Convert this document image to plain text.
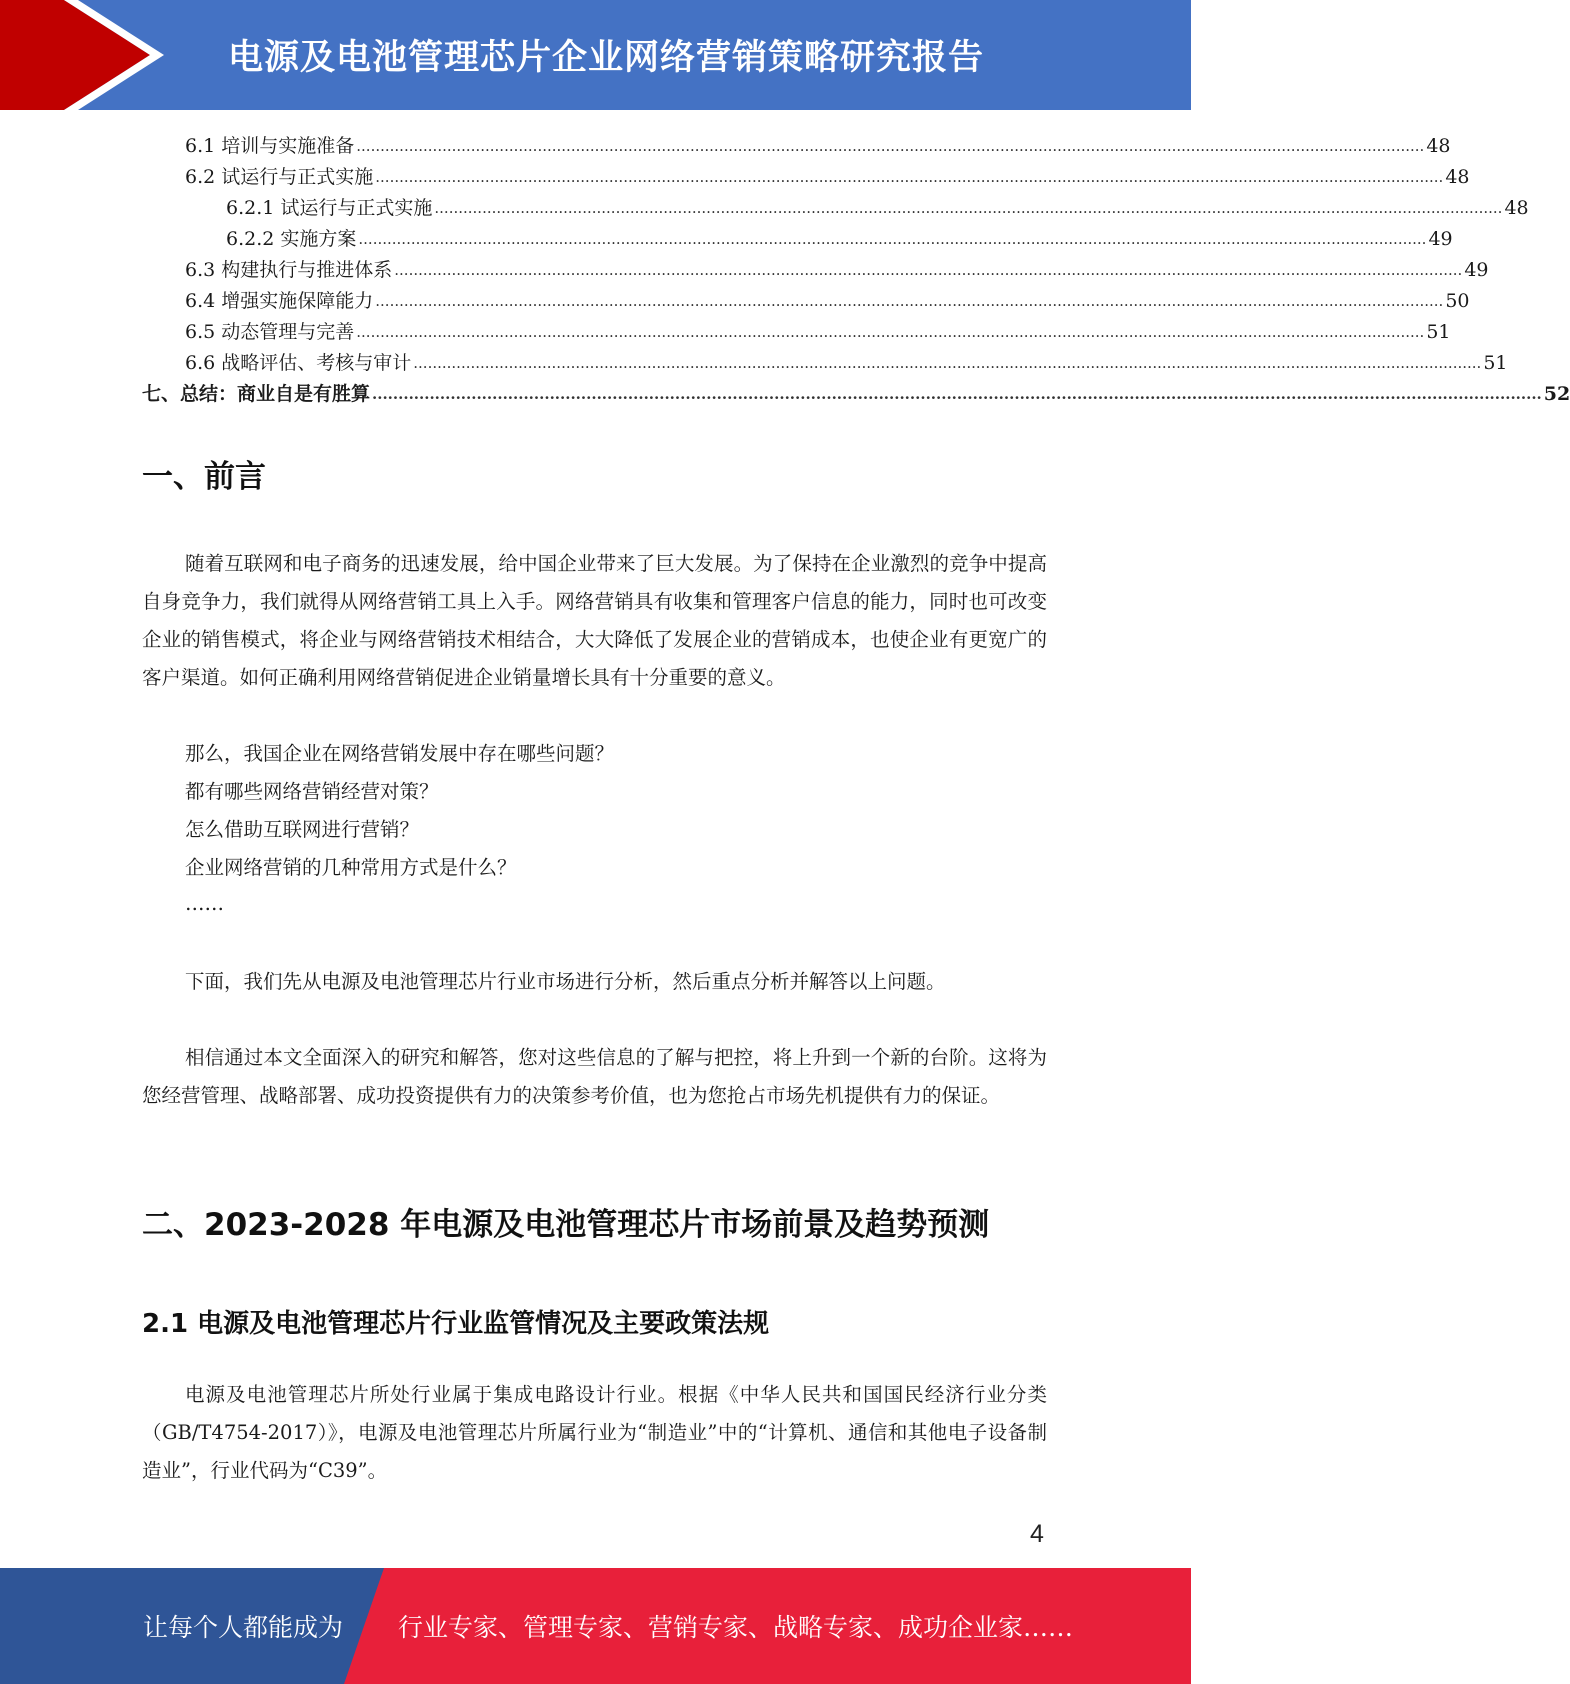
电源及电池管理芯片企业网络营销策略研究报告
6.1 培训与实施准备 ................................................................................................................................................................................................................................ 48
6.2 试运行与正式实施 ................................................................................................................................................................................................................................ 48
6.2.1 试运行与正式实施 ................................................................................................................................................................................................................................ 48
6.2.2 实施方案 ................................................................................................................................................................................................................................ 49
6.3 构建执行与推进体系 ................................................................................................................................................................................................................................ 49
6.4 增强实施保障能力 ................................................................................................................................................................................................................................ 50
6.5 动态管理与完善 ................................................................................................................................................................................................................................ 51
6.6 战略评估、考核与审计 ................................................................................................................................................................................................................................ 51
七、总结：商业自是有胜算 ................................................................................................................................................................................................................................ 52
一、前言
随着互联网和电子商务的迅速发展，给中国企业带来了巨大发展。为了保持在企业激烈的竞争中提高自身竞争力，我们就得从网络营销工具上入手。网络营销具有收集和管理客户信息的能力，同时也可改变企业的销售模式，将企业与网络营销技术相结合，大大降低了发展企业的营销成本，也使企业有更宽广的客户渠道。如何正确利用网络营销促进企业销量增长具有十分重要的意义。
那么，我国企业在网络营销发展中存在哪些问题？
都有哪些网络营销经营对策？
怎么借助互联网进行营销？
企业网络营销的几种常用方式是什么？
……
下面，我们先从电源及电池管理芯片行业市场进行分析，然后重点分析并解答以上问题。
相信通过本文全面深入的研究和解答，您对这些信息的了解与把控，将上升到一个新的台阶。这将为您经营管理、战略部署、成功投资提供有力的决策参考价值，也为您抢占市场先机提供有力的保证。
二、2023-2028 年电源及电池管理芯片市场前景及趋势预测
2.1 电源及电池管理芯片行业监管情况及主要政策法规
电源及电池管理芯片所处行业属于集成电路设计行业。根据《中华人民共和国国民经济行业分类（GB/T4754-2017）》，电源及电池管理芯片所属行业为“制造业”中的“计算机、通信和其他电子设备制造业”，行业代码为“C39”。
4
让每个人都能成为 行业专家、管理专家、营销专家、战略专家、成功企业家……
